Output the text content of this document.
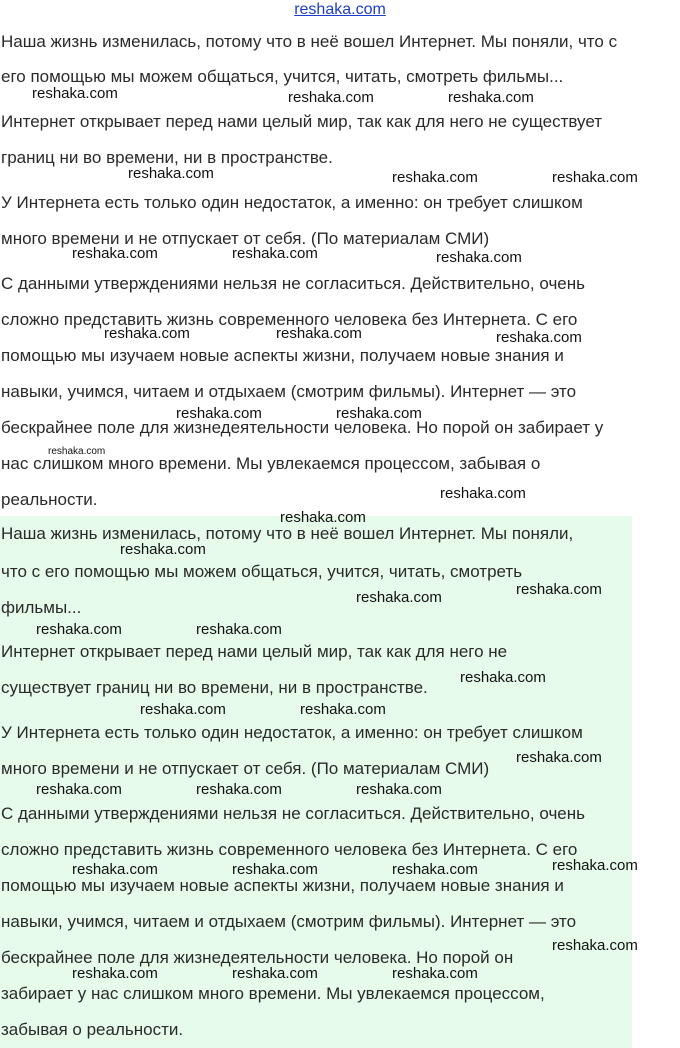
reshaka.com
Наша жизнь изменилась, потому что в неё вошел Интернет. Мы поняли, что с
его помощью мы можем общаться, учится, читать, смотреть фильмы...
Интернет открывает перед нами целый мир, так как для него не существует
границ ни во времени, ни в пространстве.
У Интернета есть только один недостаток, а именно: он требует слишком
много времени и не отпускает от себя. (По материалам СМИ)
С данными утверждениями нельзя не согласиться. Действительно, очень
сложно представить жизнь современного человека без Интернета. С его
помощью мы изучаем новые аспекты жизни, получаем новые знания и
навыки, учимся, читаем и отдыхаем (смотрим фильмы). Интернет — это
бескрайнее поле для жизнедеятельности человека. Но порой он забирает у
нас слишком много времени. Мы увлекаемся процессом, забывая о
реальности.
Наша жизнь изменилась, потому что в неё вошел Интернет. Мы поняли,
что с его помощью мы можем общаться, учится, читать, смотреть
фильмы...
Интернет открывает перед нами целый мир, так как для него не
существует границ ни во времени, ни в пространстве.
У Интернета есть только один недостаток, а именно: он требует слишком
много времени и не отпускает от себя. (По материалам СМИ)
С данными утверждениями нельзя не согласиться. Действительно, очень
сложно представить жизнь современного человека без Интернета. С его
помощью мы изучаем новые аспекты жизни, получаем новые знания и
навыки, учимся, читаем и отдыхаем (смотрим фильмы). Интернет — это
бескрайнее поле для жизнедеятельности человека. Но порой он
забирает у нас слишком много времени. Мы увлекаемся процессом,
забывая о реальности.
reshaka.com	reshaka.com	reshaka.com
reshaka.com	reshaka.com	reshaka.com
reshaka.com	reshaka.com	reshaka.com
reshaka.com	reshaka.com	reshaka.com
reshaka.com	reshaka.com
reshaka.com
reshaka.com
reshaka.com
reshaka.com
reshaka.com
reshaka.com
reshaka.com	reshaka.com
reshaka.com
reshaka.com	reshaka.com
reshaka.com
reshaka.com	reshaka.com	reshaka.com
reshaka.com
reshaka.com	reshaka.com	reshaka.com
reshaka.com
reshaka.com	reshaka.com	reshaka.com
